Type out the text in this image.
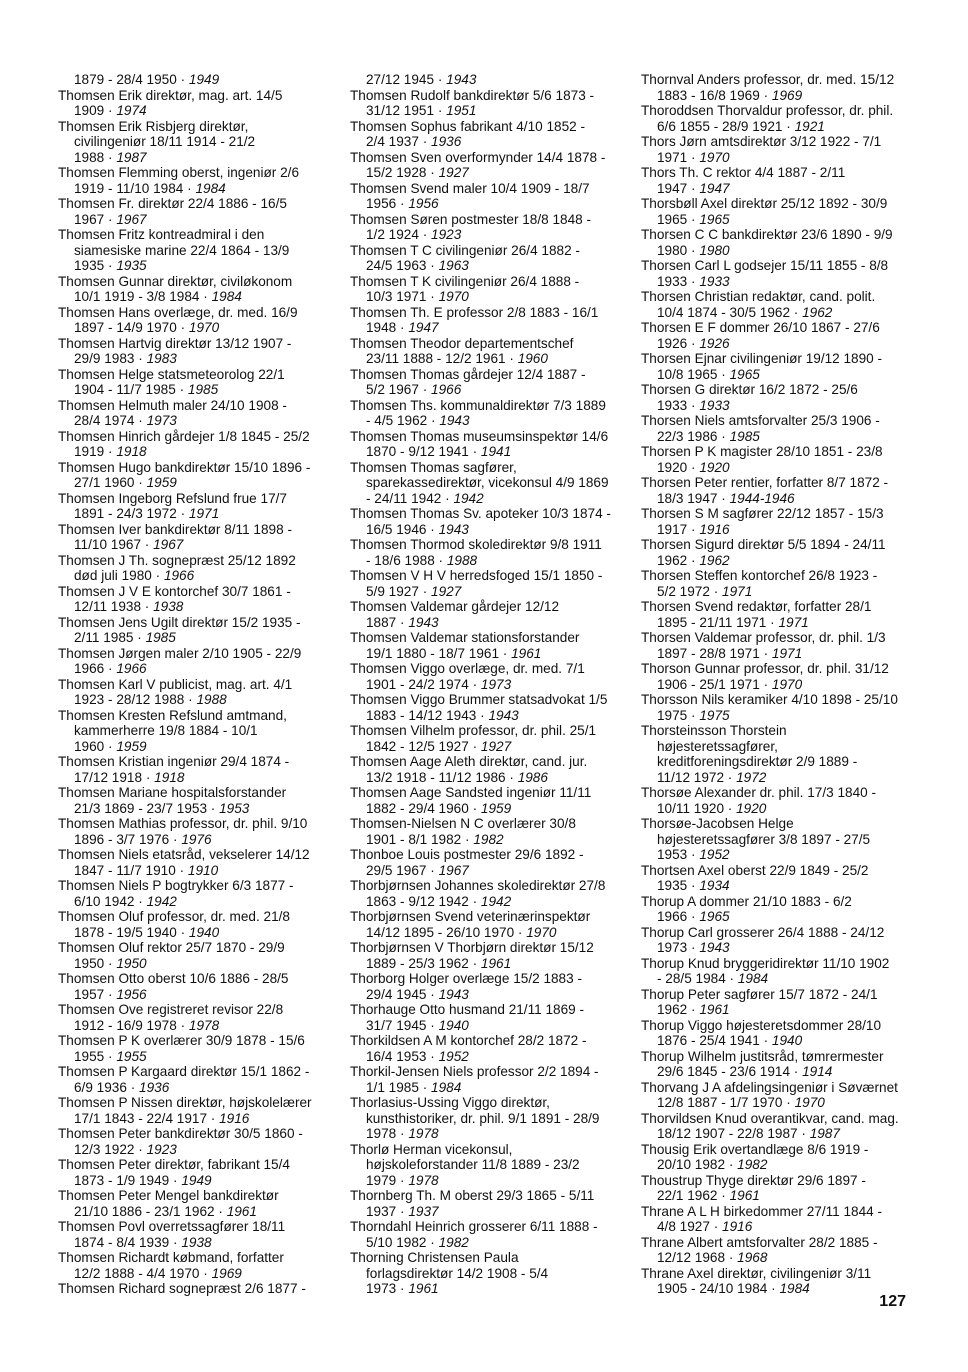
1879 - 28/4 1950 · 1949
Thomsen Erik direktør, mag. art. 14/5
1909 · 1974
Thomsen Erik Risbjerg direktør,
civilingeniør 18/11 1914 - 21/2
1988 · 1987
Thomsen Flemming oberst, ingeniør 2/6
1919 - 11/10 1984 · 1984
Thomsen Fr. direktør 22/4 1886 - 16/5
1967 · 1967
Thomsen Fritz kontreadmiral i den
siamesiske marine 22/4 1864 - 13/9
1935 · 1935
Thomsen Gunnar direktør, civiløkonom
10/1 1919 - 3/8 1984 · 1984
Thomsen Hans overlæge, dr. med. 16/9
1897 - 14/9 1970 · 1970
Thomsen Hartvig direktør 13/12 1907 -
29/9 1983 · 1983
Thomsen Helge statsmeteorolog 22/1
1904 - 11/7 1985 · 1985
Thomsen Helmuth maler 24/10 1908 -
28/4 1974 · 1973
Thomsen Hinrich gårdejer 1/8 1845 - 25/2
1919 · 1918
Thomsen Hugo bankdirektør 15/10 1896 -
27/1 1960 · 1959
Thomsen Ingeborg Refslund frue 17/7
1891 - 24/3 1972 · 1971
Thomsen Iver bankdirektør 8/11 1898 -
11/10 1967 · 1967
Thomsen J Th. sognepræst 25/12 1892
død juli 1980 · 1966
Thomsen J V E kontorchef 30/7 1861 -
12/11 1938 · 1938
Thomsen Jens Ugilt direktør 15/2 1935 -
2/11 1985 · 1985
Thomsen Jørgen maler 2/10 1905 - 22/9
1966 · 1966
Thomsen Karl V publicist, mag. art. 4/1
1923 - 28/12 1988 · 1988
Thomsen Kresten Refslund amtmand,
kammerherre 19/8 1884 - 10/1
1960 · 1959
Thomsen Kristian ingeniør 29/4 1874 -
17/12 1918 · 1918
Thomsen Mariane hospitalsforstander
21/3 1869 - 23/7 1953 · 1953
Thomsen Mathias professor, dr. phil. 9/10
1896 - 3/7 1976 · 1976
Thomsen Niels etatsråd, vekselerer 14/12
1847 - 11/7 1910 · 1910
Thomsen Niels P bogtrykker 6/3 1877 -
6/10 1942 · 1942
Thomsen Oluf professor, dr. med. 21/8
1878 - 19/5 1940 · 1940
Thomsen Oluf rektor 25/7 1870 - 29/9
1950 · 1950
Thomsen Otto oberst 10/6 1886 - 28/5
1957 · 1956
Thomsen Ove registreret revisor 22/8
1912 - 16/9 1978 · 1978
Thomsen P K overlærer 30/9 1878 - 15/6
1955 · 1955
Thomsen P Kargaard direktør 15/1 1862 -
6/9 1936 · 1936
Thomsen P Nissen direktør, højskolelærer
17/1 1843 - 22/4 1917 · 1916
Thomsen Peter bankdirektør 30/5 1860 -
12/3 1922 · 1923
Thomsen Peter direktør, fabrikant 15/4
1873 - 1/9 1949 · 1949
Thomsen Peter Mengel bankdirektør
21/10 1886 - 23/1 1962 · 1961
Thomsen Povl overretssagfører 18/11
1874 - 8/4 1939 · 1938
Thomsen Richardt købmand, forfatter
12/2 1888 - 4/4 1970 · 1969
Thomsen Richard sognepræst 2/6 1877 -
27/12 1945 · 1943
Thomsen Rudolf bankdirektør 5/6 1873 -
31/12 1951 · 1951
Thomsen Sophus fabrikant 4/10 1852 -
2/4 1937 · 1936
Thomsen Sven overformynder 14/4 1878 -
15/2 1928 · 1927
Thomsen Svend maler 10/4 1909 - 18/7
1956 · 1956
Thomsen Søren postmester 18/8 1848 -
1/2 1924 · 1923
Thomsen T C civilingeniør 26/4 1882 -
24/5 1963 · 1963
Thomsen T K civilingeniør 26/4 1888 -
10/3 1971 · 1970
Thomsen Th. E professor 2/8 1883 - 16/1
1948 · 1947
Thomsen Theodor departementschef
23/11 1888 - 12/2 1961 · 1960
Thomsen Thomas gårdejer 12/4 1887 -
5/2 1967 · 1966
Thomsen Ths. kommunaldirektør 7/3 1889
- 4/5 1962 · 1943
Thomsen Thomas museumsinspektør 14/6
1870 - 9/12 1941 · 1941
Thomsen Thomas sagfører,
sparekassedirektør, vicekonsul 4/9 1869
- 24/11 1942 · 1942
Thomsen Thomas Sv. apoteker 10/3 1874 -
16/5 1946 · 1943
Thomsen Thormod skoledirektør 9/8 1911
- 18/6 1988 · 1988
Thomsen V H V herredsfoged 15/1 1850 -
5/9 1927 · 1927
Thomsen Valdemar gårdejer 12/12
1887 · 1943
Thomsen Valdemar stationsforstander
19/1 1880 - 18/7 1961 · 1961
Thomsen Viggo overlæge, dr. med. 7/1
1901 - 24/2 1974 · 1973
Thomsen Viggo Brummer statsadvokat 1/5
1883 - 14/12 1943 · 1943
Thomsen Vilhelm professor, dr. phil. 25/1
1842 - 12/5 1927 · 1927
Thomsen Aage Aleth direktør, cand. jur.
13/2 1918 - 11/12 1986 · 1986
Thomsen Aage Sandsted ingeniør 11/11
1882 - 29/4 1960 · 1959
Thomsen-Nielsen N C overlærer 30/8
1901 - 8/1 1982 · 1982
Thonboe Louis postmester 29/6 1892 -
29/5 1967 · 1967
Thorbjørnsen Johannes skoledirektør 27/8
1863 - 9/12 1942 · 1942
Thorbjørnsen Svend veterinærinspektør
14/12 1895 - 26/10 1970 · 1970
Thorbjørnsen V Thorbjørn direktør 15/12
1889 - 25/3 1962 · 1961
Thorborg Holger overlæge 15/2 1883 -
29/4 1945 · 1943
Thorhauge Otto husmand 21/11 1869 -
31/7 1945 · 1940
Thorkildsen A M kontorchef 28/2 1872 -
16/4 1953 · 1952
Thorkil-Jensen Niels professor 2/2 1894 -
1/1 1985 · 1984
Thorlasius-Ussing Viggo direktør,
kunsthistoriker, dr. phil. 9/1 1891 - 28/9
1978 · 1978
Thorlø Herman vicekonsul,
højskoleforstander 11/8 1889 - 23/2
1979 · 1978
Thornberg Th. M oberst 29/3 1865 - 5/11
1937 · 1937
Thorndahl Heinrich grosserer 6/11 1888 -
5/10 1982 · 1982
Thorning Christensen Paula
forlagsdirektør 14/2 1908 - 5/4
1973 · 1961
Thornval Anders professor, dr. med. 15/12
1883 - 16/8 1969 · 1969
Thoroddsen Thorvaldur professor, dr. phil.
6/6 1855 - 28/9 1921 · 1921
Thors Jørn amtsdirektør 3/12 1922 - 7/1
1971 · 1970
Thors Th. C rektor 4/4 1887 - 2/11
1947 · 1947
Thorsbøll Axel direktør 25/12 1892 - 30/9
1965 · 1965
Thorsen C C bankdirektør 23/6 1890 - 9/9
1980 · 1980
Thorsen Carl L godsejer 15/11 1855 - 8/8
1933 · 1933
Thorsen Christian redaktør, cand. polit.
10/4 1874 - 30/5 1962 · 1962
Thorsen E F dommer 26/10 1867 - 27/6
1926 · 1926
Thorsen Ejnar civilingeniør 19/12 1890 -
10/8 1965 · 1965
Thorsen G direktør 16/2 1872 - 25/6
1933 · 1933
Thorsen Niels amtsforvalter 25/3 1906 -
22/3 1986 · 1985
Thorsen P K magister 28/10 1851 - 23/8
1920 · 1920
Thorsen Peter rentier, forfatter 8/7 1872 -
18/3 1947 · 1944-1946
Thorsen S M sagfører 22/12 1857 - 15/3
1917 · 1916
Thorsen Sigurd direktør 5/5 1894 - 24/11
1962 · 1962
Thorsen Steffen kontorchef 26/8 1923 -
5/2 1972 · 1971
Thorsen Svend redaktør, forfatter 28/1
1895 - 21/11 1971 · 1971
Thorsen Valdemar professor, dr. phil. 1/3
1897 - 28/8 1971 · 1971
Thorson Gunnar professor, dr. phil. 31/12
1906 - 25/1 1971 · 1970
Thorsson Nils keramiker 4/10 1898 - 25/10
1975 · 1975
Thorsteinsson Thorstein
højesteretssagfører,
kreditforeningsdirektør 2/9 1889 -
11/12 1972 · 1972
Thorsøe Alexander dr. phil. 17/3 1840 -
10/11 1920 · 1920
Thorsøe-Jacobsen Helge
højesteretssagfører 3/8 1897 - 27/5
1953 · 1952
Thortsen Axel oberst 22/9 1849 - 25/2
1935 · 1934
Thorup A dommer 21/10 1883 - 6/2
1966 · 1965
Thorup Carl grosserer 26/4 1888 - 24/12
1973 · 1943
Thorup Knud bryggeridirektør 11/10 1902
- 28/5 1984 · 1984
Thorup Peter sagfører 15/7 1872 - 24/1
1962 · 1961
Thorup Viggo højesteretsdommer 28/10
1876 - 25/4 1941 · 1940
Thorup Wilhelm justitsråd, tømrermester
29/6 1845 - 23/6 1914 · 1914
Thorvang J A afdelingsingeniør i Søværnet
12/8 1887 - 1/7 1970 · 1970
Thorvildsen Knud overantikvar, cand. mag.
18/12 1907 - 22/8 1987 · 1987
Thousig Erik overtandlæge 8/6 1919 -
20/10 1982 · 1982
Thoustrup Thyge direktør 29/6 1897 -
22/1 1962 · 1961
Thrane A L H birkedommer 27/11 1844 -
4/8 1927 · 1916
Thrane Albert amtsforvalter 28/2 1885 -
12/12 1968 · 1968
Thrane Axel direktør, civilingeniør 3/11
1905 - 24/10 1984 · 1984
127
